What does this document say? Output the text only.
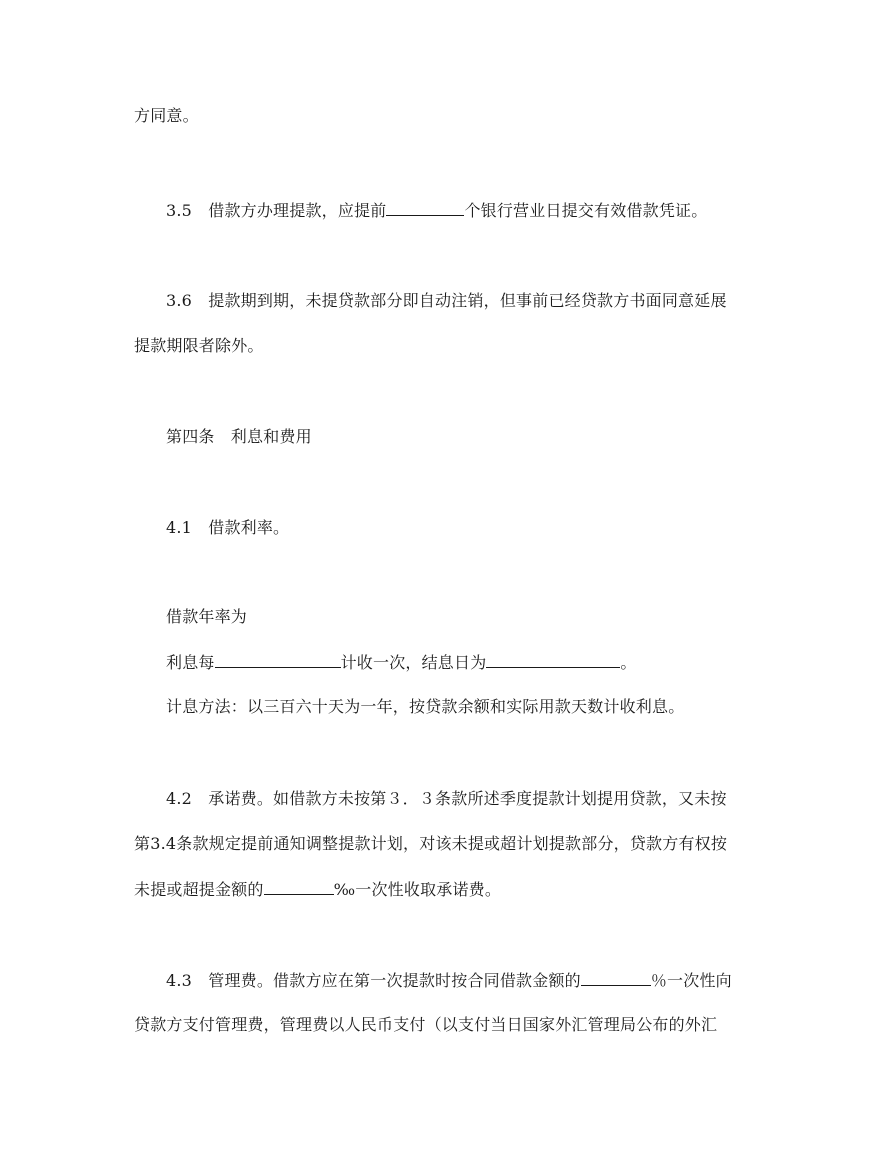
方同意。
3.5　借款方办理提款，应提前	个银行营业日提交有效借款凭证。
3.6　提款期到期，未提贷款部分即自动注销，但事前已经贷款方书面同意延展
提款期限者除外。
第四条　利息和费用
4.1　借款利率。
借款年率为
利息每	计收一次，结息日为	。
计息方法：以三百六十天为一年，按贷款余额和实际用款天数计收利息。
4.2　承诺费。如借款方未按第３．３条款所述季度提款计划提用贷款，又未按
第3.4条款规定提前通知调整提款计划，对该未提或超计划提款部分，贷款方有权按
未提或超提金额的	‰一次性收取承诺费。
4.3　管理费。借款方应在第一次提款时按合同借款金额的	％一次性向
贷款方支付管理费，管理费以人民币支付（以支付当日国家外汇管理局公布的外汇
